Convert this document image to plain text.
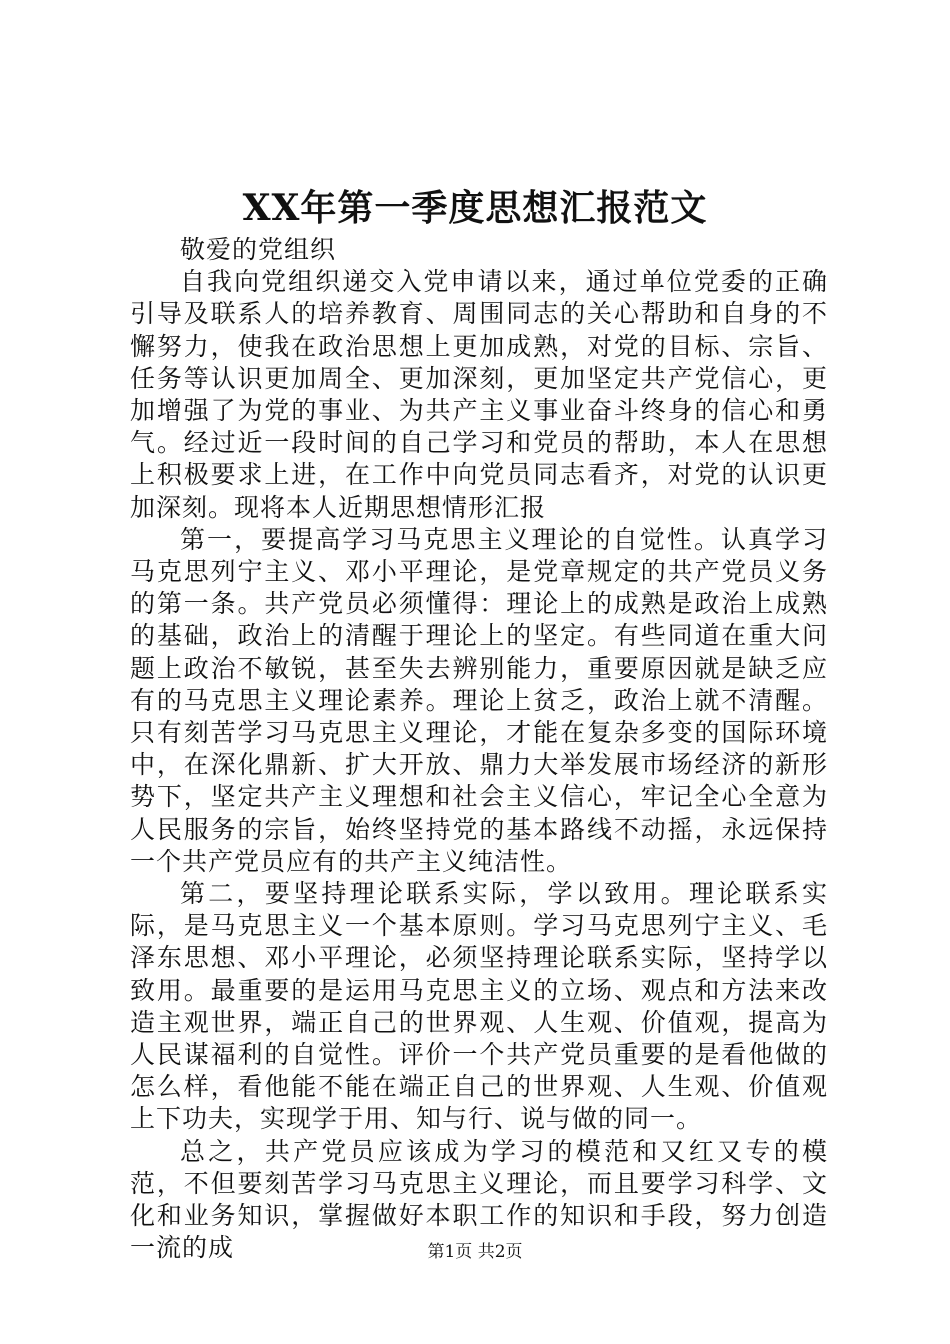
XX年第一季度思想汇报范文

敬爱的党组织

自我向党组织递交入党申请以来，通过单位党委的正确引导及联系人的培养教育、周围同志的关心帮助和自身的不懈努力，使我在政治思想上更加成熟，对党的目标、宗旨、任务等认识更加周全、更加深刻，更加坚定共产党信心，更加增强了为党的事业、为共产主义事业奋斗终身的信心和勇气。经过近一段时间的自己学习和党员的帮助，本人在思想上积极要求上进，在工作中向党员同志看齐，对党的认识更加深刻。现将本人近期思想情形汇报

第一，要提高学习马克思主义理论的自觉性。认真学习马克思列宁主义、邓小平理论，是党章规定的共产党员义务的第一条。共产党员必须懂得：理论上的成熟是政治上成熟的基础，政治上的清醒于理论上的坚定。有些同道在重大问题上政治不敏锐，甚至失去辨别能力，重要原因就是缺乏应有的马克思主义理论素养。理论上贫乏，政治上就不清醒。只有刻苦学习马克思主义理论，才能在复杂多变的国际环境中，在深化鼎新、扩大开放、鼎力大举发展市场经济的新形势下，坚定共产主义理想和社会主义信心，牢记全心全意为人民服务的宗旨，始终坚持党的基本路线不动摇，永远保持一个共产党员应有的共产主义纯洁性。

第二，要坚持理论联系实际，学以致用。理论联系实际，是马克思主义一个基本原则。学习马克思列宁主义、毛泽东思想、邓小平理论，必须坚持理论联系实际，坚持学以致用。最重要的是运用马克思主义的立场、观点和方法来改造主观世界，端正自己的世界观、人生观、价值观，提高为人民谋福利的自觉性。评价一个共产党员重要的是看他做的怎么样，看他能不能在端正自己的世界观、人生观、价值观上下功夫，实现学于用、知与行、说与做的同一。

总之，共产党员应该成为学习的模范和又红又专的模范，不但要刻苦学习马克思主义理论，而且要学习科学、文化和业务知识，掌握做好本职工作的知识和手段，努力创造一流的成	第1页 共2页
